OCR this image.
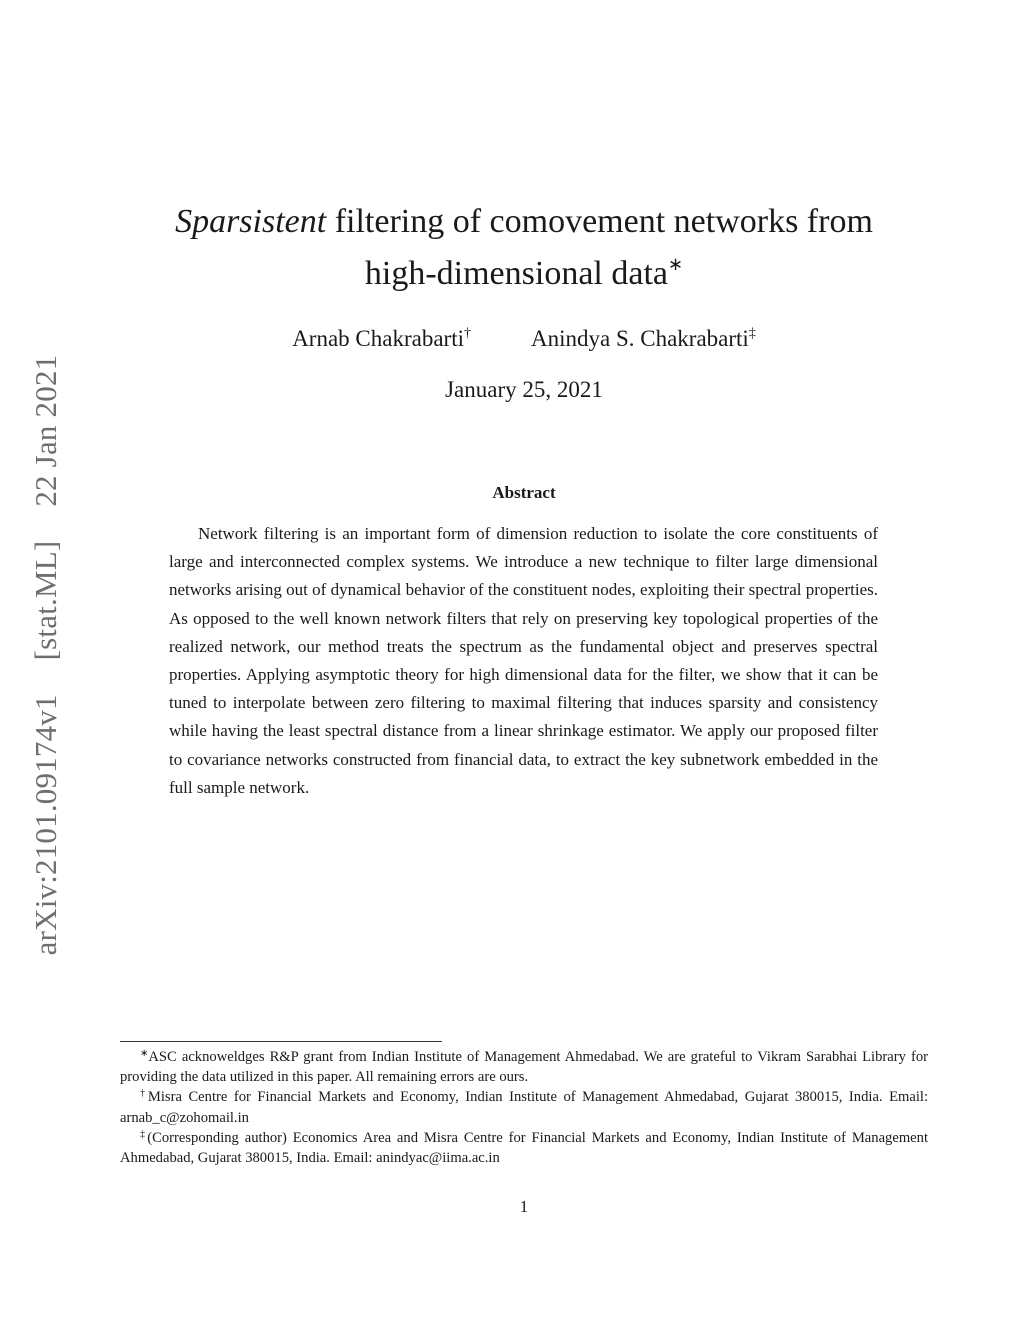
arXiv:2101.09174v1 [stat.ML] 22 Jan 2021
Sparsistent filtering of comovement networks from
high-dimensional data∗
Arnab Chakrabarti†	Anindya S. Chakrabarti‡
January 25, 2021
Abstract
Network filtering is an important form of dimension reduction to isolate the core constituents of large and interconnected complex systems. We introduce a new technique to filter large dimensional networks arising out of dynamical behavior of the constituent nodes, exploiting their spectral properties. As opposed to the well known network filters that rely on preserving key topological properties of the realized network, our method treats the spectrum as the fundamental object and preserves spectral properties. Applying asymptotic theory for high dimensional data for the filter, we show that it can be tuned to interpolate between zero filtering to maximal filtering that induces sparsity and consistency while having the least spectral distance from a linear shrinkage estimator. We apply our proposed filter to covariance networks constructed from financial data, to extract the key subnetwork embedded in the full sample network.

∗ASC acknoweldges R&P grant from Indian Institute of Management Ahmedabad. We are grateful to Vikram Sarabhai Library for providing the data utilized in this paper. All remaining errors are ours.

†Misra Centre for Financial Markets and Economy, Indian Institute of Management Ahmedabad, Gujarat 380015, India. Email: arnab_c@zohomail.in

‡(Corresponding author) Economics Area and Misra Centre for Financial Markets and Economy, Indian Institute of Management Ahmedabad, Gujarat 380015, India. Email: anindyac@iima.ac.in

1
